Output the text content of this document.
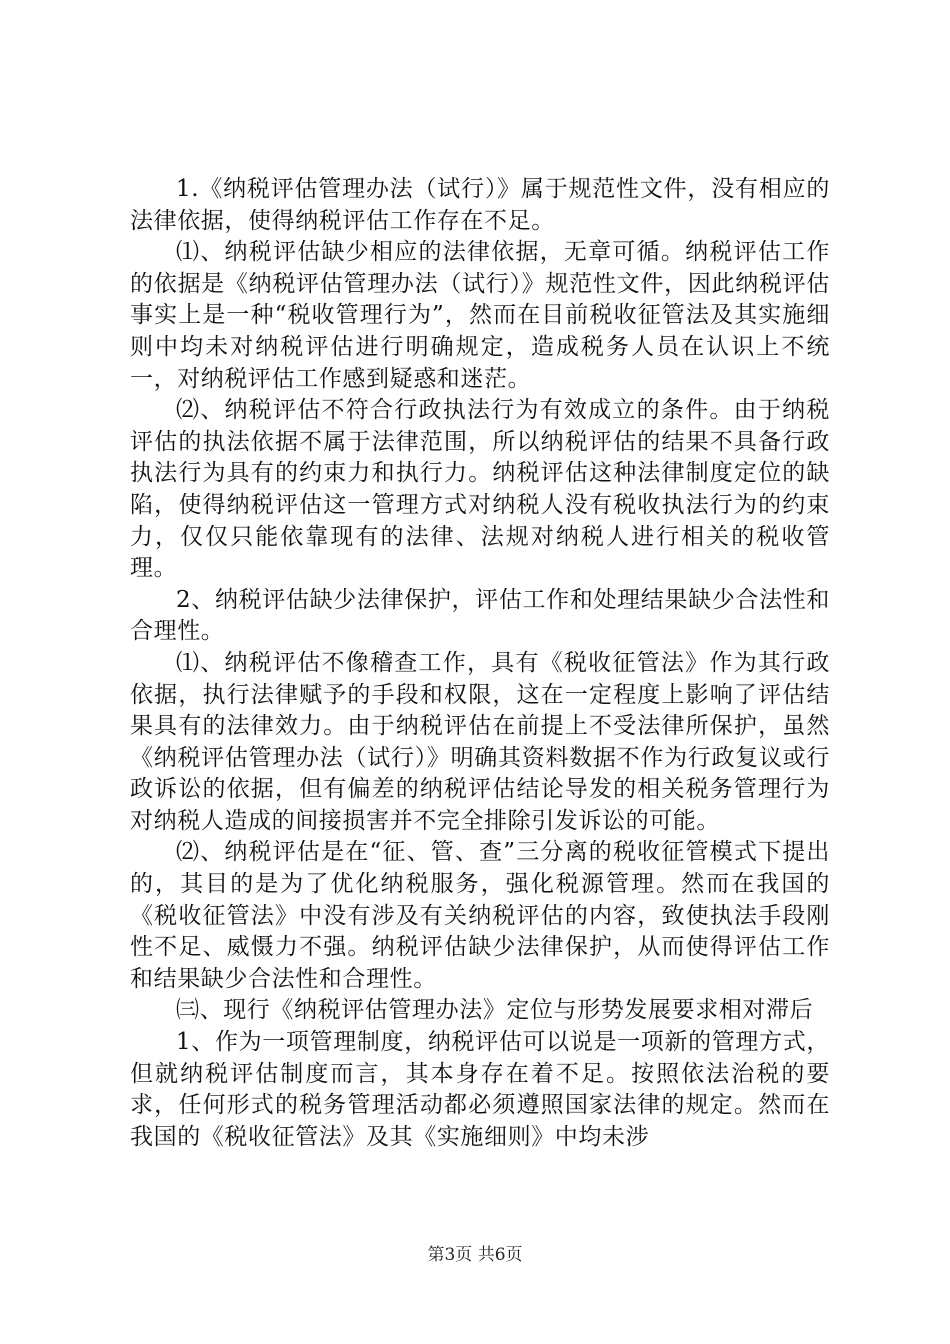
1.《纳税评估管理办法（试行）》属于规范性文件，没有相应的法律依据，使得纳税评估工作存在不足。

⑴、纳税评估缺少相应的法律依据，无章可循。纳税评估工作的依据是《纳税评估管理办法（试行）》规范性文件，因此纳税评估事实上是一种“税收管理行为”，然而在目前税收征管法及其实施细则中均未对纳税评估进行明确规定，造成税务人员在认识上不统一，对纳税评估工作感到疑惑和迷茫。

⑵、纳税评估不符合行政执法行为有效成立的条件。由于纳税评估的执法依据不属于法律范围，所以纳税评估的结果不具备行政执法行为具有的约束力和执行力。纳税评估这种法律制度定位的缺陷，使得纳税评估这一管理方式对纳税人没有税收执法行为的约束力，仅仅只能依靠现有的法律、法规对纳税人进行相关的税收管理。

2、纳税评估缺少法律保护，评估工作和处理结果缺少合法性和合理性。

⑴、纳税评估不像稽查工作，具有《税收征管法》作为其行政依据，执行法律赋予的手段和权限，这在一定程度上影响了评估结果具有的法律效力。由于纳税评估在前提上不受法律所保护，虽然《纳税评估管理办法（试行）》明确其资料数据不作为行政复议或行政诉讼的依据，但有偏差的纳税评估结论导发的相关税务管理行为对纳税人造成的间接损害并不完全排除引发诉讼的可能。

⑵、纳税评估是在“征、管、查”三分离的税收征管模式下提出的，其目的是为了优化纳税服务，强化税源管理。然而在我国的《税收征管法》中没有涉及有关纳税评估的内容，致使执法手段刚性不足、威慑力不强。纳税评估缺少法律保护，从而使得评估工作和结果缺少合法性和合理性。

㈢、现行《纳税评估管理办法》定位与形势发展要求相对滞后

1、作为一项管理制度，纳税评估可以说是一项新的管理方式，但就纳税评估制度而言，其本身存在着不足。按照依法治税的要求，任何形式的税务管理活动都必须遵照国家法律的规定。然而在我国的《税收征管法》及其《实施细则》中均未涉

第3页 共6页
